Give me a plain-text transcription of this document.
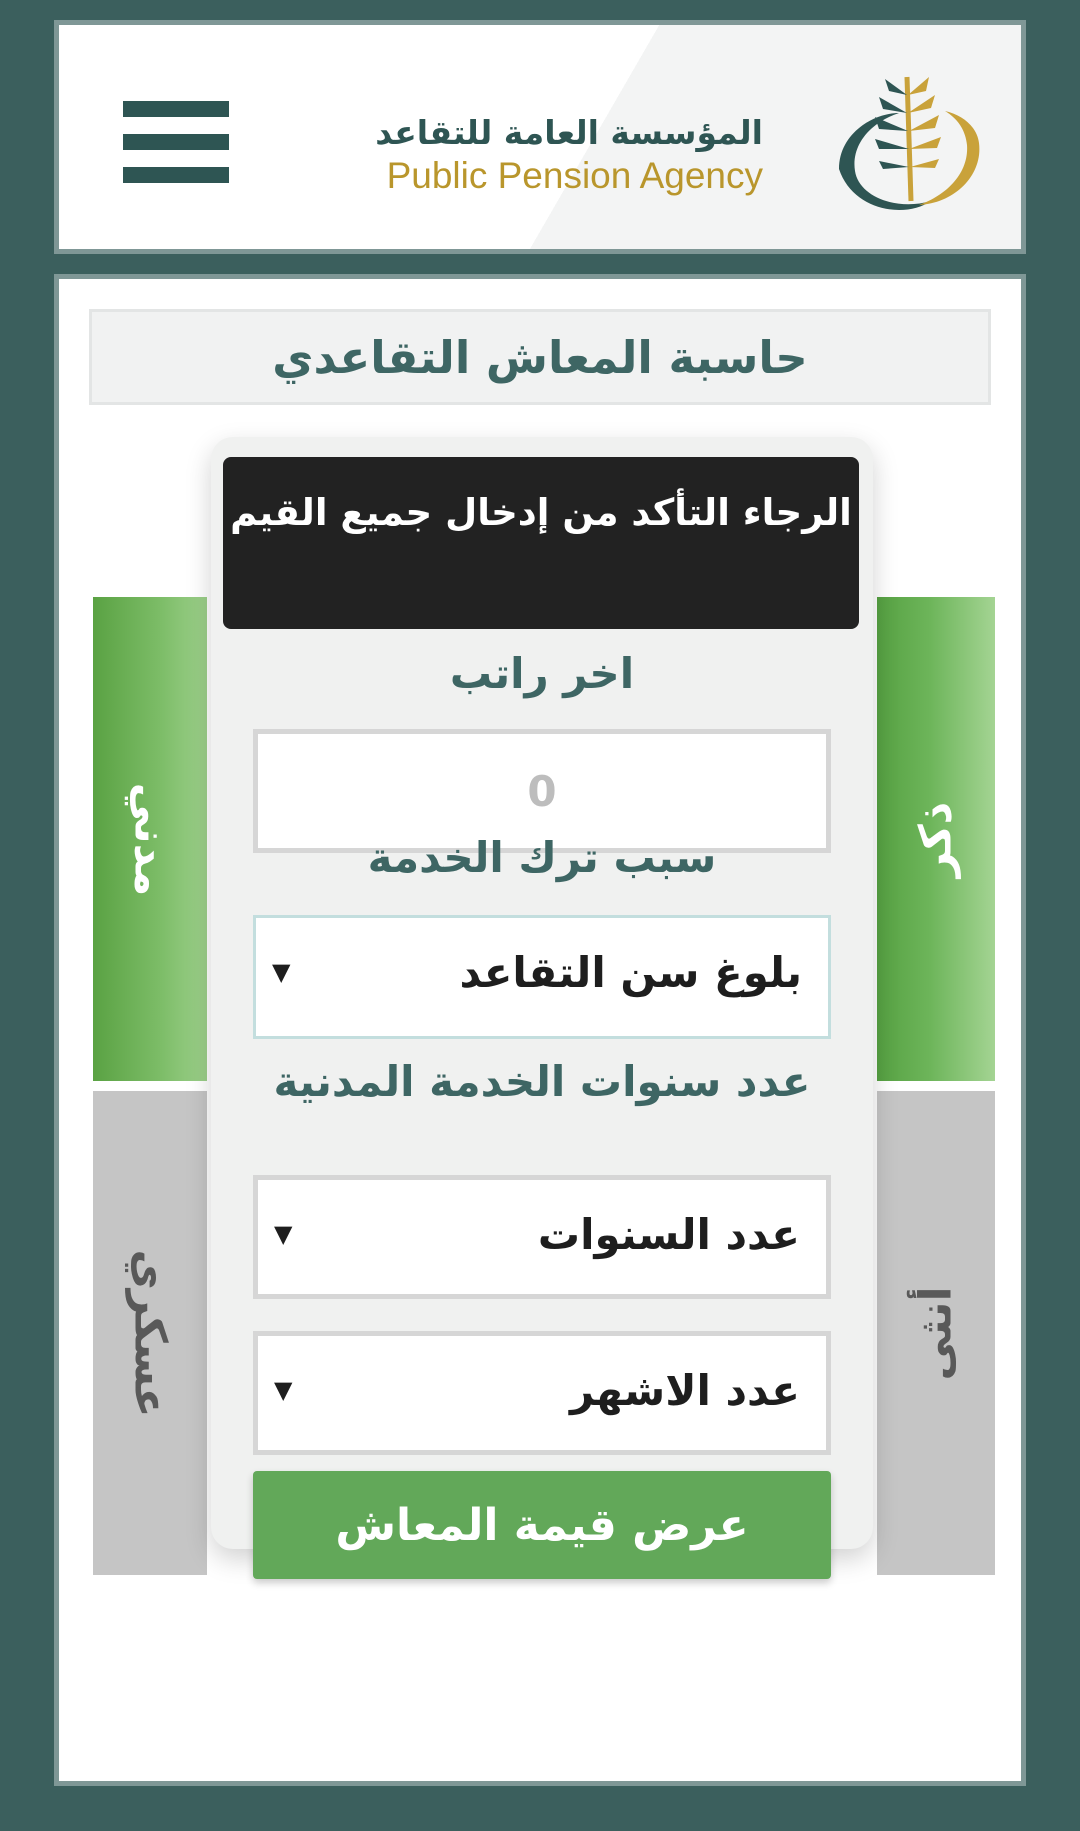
المؤسسة العامة للتقاعد
Public Pension Agency
حاسبة المعاش التقاعدي
مدني	ذكر
عسكري	أنثى
الرجاء التأكد من إدخال جميع القيم
اخر راتب
0
سبب ترك الخدمة
بلوغ سن التقاعد
▼
عدد سنوات الخدمة المدنية
عدد السنوات
▼
عدد الاشهر
▼
عرض قيمة المعاش
